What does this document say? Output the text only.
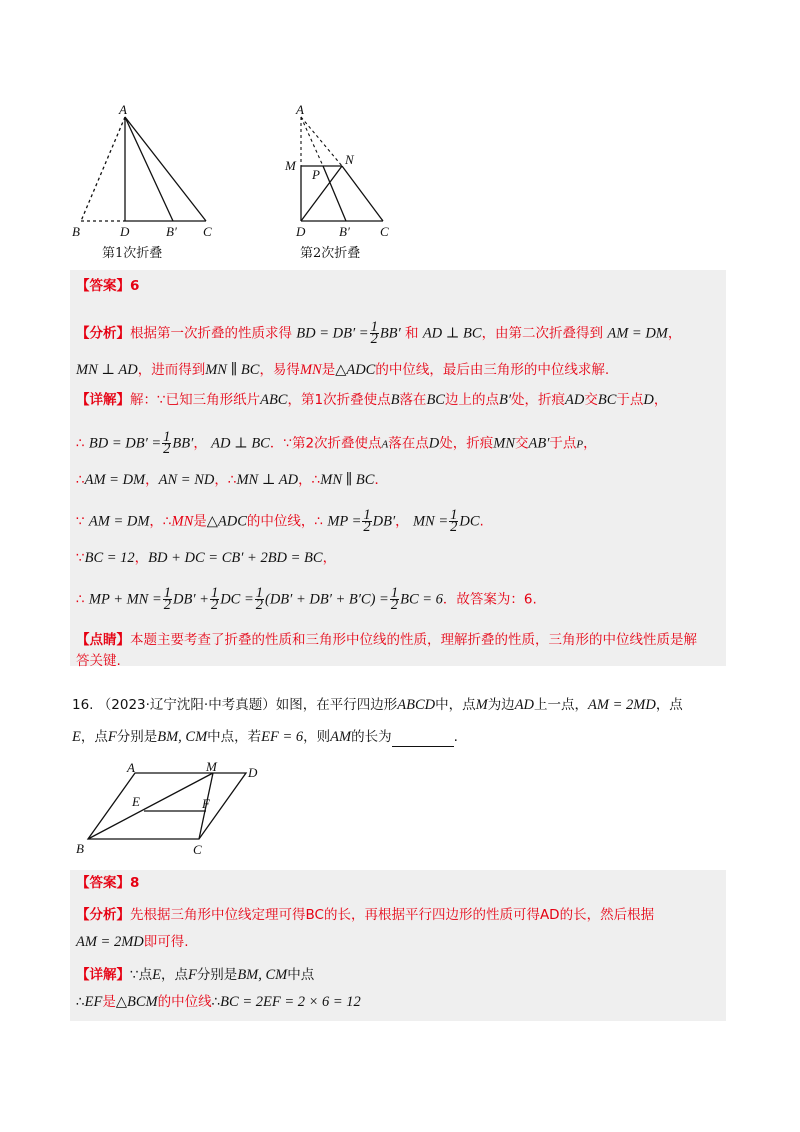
A
B	D	B′ C
第1次折叠
A
M	N
P
D	B′ C
第2次折叠
【答案】6
【分析】根据第一次折叠的性质求得 BD = $DB' = \frac{1}{2} BB'$ 和 AD ⊥ BC，由第二次折叠得到 AM = DM，
MN ⊥ AD，进而得到MN ∥ BC，易得MN是△ADC的中位线，最后由三角形的中位线求解.
【详解】解：∵已知三角形纸片ABC，第1次折叠使点B落在BC边上的点B′处，折痕AD交BC于点D，
∴ BD = $DB' = \frac{1}{2} BB'$， AD ⊥ BC．∵第2次折叠使点A落在点D处，折痕MN交AB′于点P，
∴AM = DM，AN = ND，∴MN ⊥ AD，∴MN ∥ BC．
∵ AM = DM，∴MN是△ADC的中位线，∴ MP = $\frac{1}{2} DB'$， MN = $\frac{1}{2}$ DC.
∵BC = 12，BD + DC = CB′ + 2BD = BC，
∴ MP + MN = $\frac{1}{2} DB' + \frac{1}{2}$ DC = $\frac{1}{2} (DB' + DB' + B'C) = \frac{1}{2}$ BC = 6．故答案为：6.
【点睛】本题主要考查了折叠的性质和三角形中位线的性质，理解折叠的性质，三角形的中位线性质是解
答关键.
16. （2023·辽宁沈阳·中考真题）如图，在平行四边形ABCD中，点M为边AD上一点，AM = 2MD，点
E，点F分别是BM, CM中点，若EF = 6，则AM的长为	.
A	M D
E	F
B	C
【答案】8
【分析】先根据三角形中位线定理可得BC的长，再根据平行四边形的性质可得AD的长，然后根据
AM = 2MD即可得.
【详解】∵点E，点F分别是BM, CM中点
∴EF是△BCM的中位线∴BC = 2EF = 2 × 6 = 12
